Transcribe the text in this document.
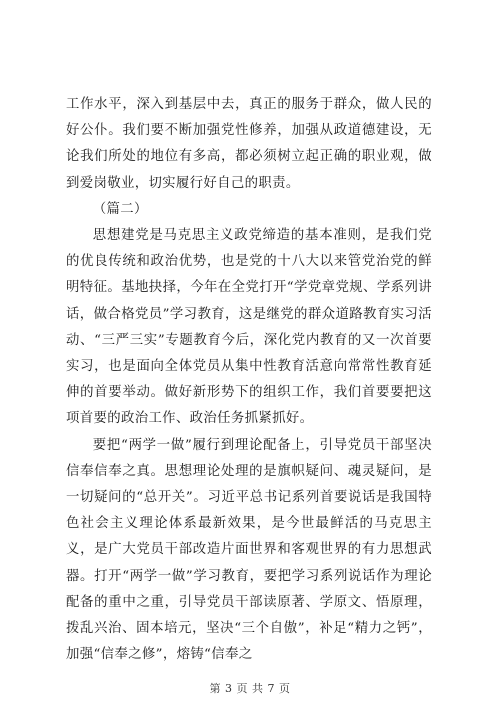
工作水平，深入到基层中去，真正的服务于群众，做人民的好公仆。我们要不断加强党性修养，加强从政道德建设，无论我们所处的地位有多高，都必须树立起正确的职业观，做到爱岗敬业，切实履行好自己的职责。

（篇二）

思想建党是马克思主义政党缔造的基本准则，是我们党的优良传统和政治优势，也是党的十八大以来管党治党的鲜明特征。基地抉择，今年在全党打开“学党章党规、学系列讲话，做合格党员”学习教育，这是继党的群众道路教育实习活动、“三严三实”专题教育今后，深化党内教育的又一次首要实习，也是面向全体党员从集中性教育活意向常常性教育延伸的首要举动。做好新形势下的组织工作，我们首要要把这项首要的政治工作、政治任务抓紧抓好。

要把“两学一做”履行到理论配备上，引导党员干部坚决信奉信奉之真。思想理论处理的是旗帜疑问、魂灵疑问，是一切疑问的“总开关”。习近平总书记系列首要说话是我国特色社会主义理论体系最新效果，是今世最鲜活的马克思主义，是广大党员干部改造片面世界和客观世界的有力思想武器。打开“两学一做”学习教育，要把学习系列说话作为理论配备的重中之重，引导党员干部读原著、学原文、悟原理，拨乱兴治、固本培元，坚决“三个自傲”，补足“精力之钙”，加强“信奉之修”，熔铸“信奉之

第 3 页 共 7 页
